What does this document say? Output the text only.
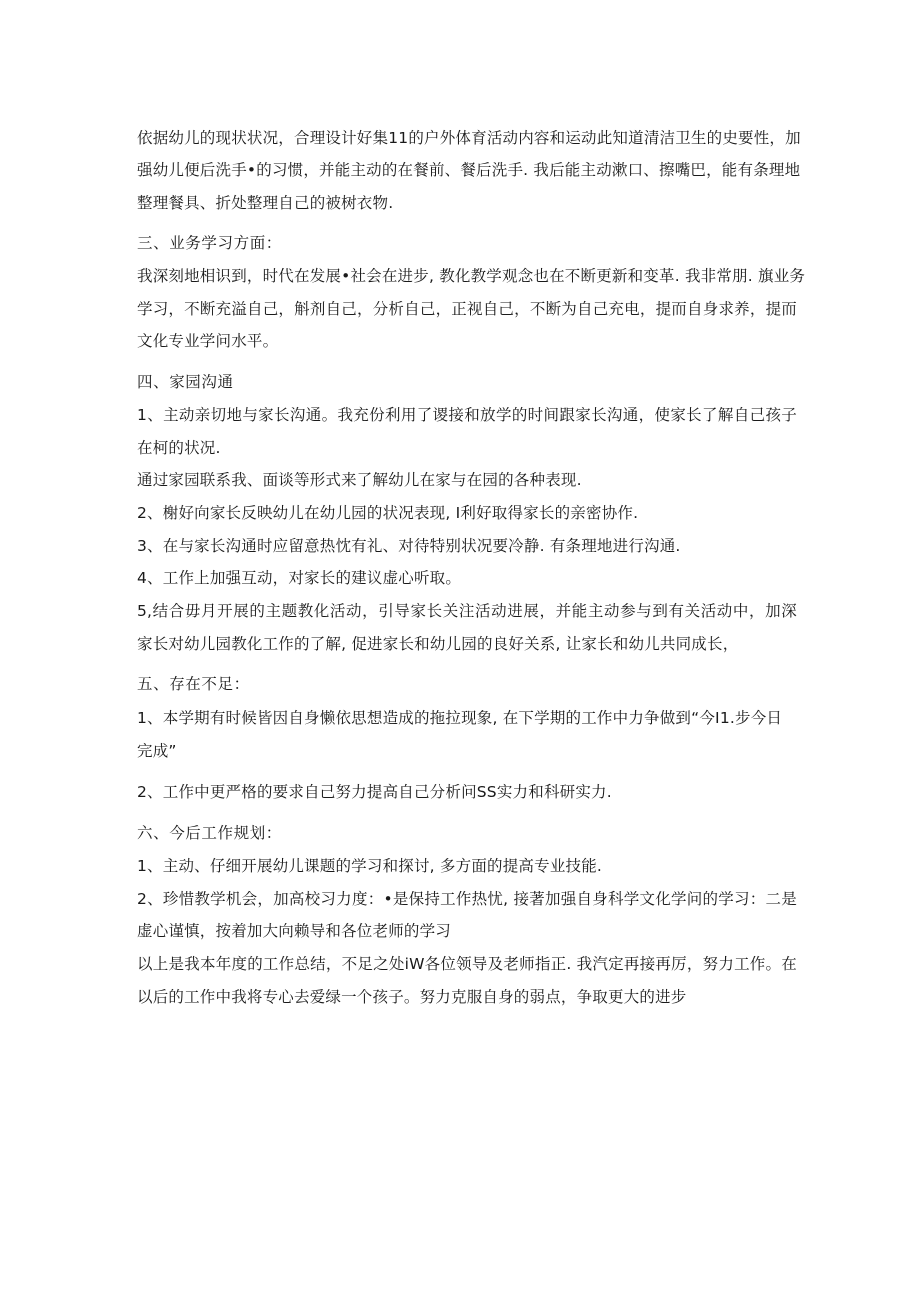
依据幼儿的现状状况，合理设计好集11的户外体育活动内容和运动此知道清洁卫生的史要性，加
强幼儿便后洗手•的习惯，并能主动的在餐前、餐后洗手. 我后能主动漱口、擦嘴巴，能有条理地
整理餐具、折处整理自己的被树衣物.
三、业务学习方面：
我深刻地相识到，时代在发展•社会在进步, 教化教学观念也在不断更新和变革. 我非常朋. 旗业务
学习，不断充溢自己，斛剂自己，分析自己，正视自己，不断为自己充电，提而自身求养，提而
文化专业学问水平。
四、家园沟通
1、主动亲切地与家长沟通。我充份利用了谡接和放学的时间跟家长沟通，使家长了解自己孩子
在柯的状况.
通过家园联系我、面谈等形式来了解幼儿在家与在园的各种表现.
2、榭好向家长反映幼儿在幼儿园的状况表现, I利好取得家长的亲密协作.
3、在与家长沟通时应留意热忱有礼、对待特别状况要冷静. 有条理地进行沟通.
4、工作上加强互动，对家长的建议虚心听取。
5,结合毋月开展的主题教化活动，引导家长关注活动进展，并能主动参与到有关活动中，加深
家长对幼儿园教化工作的了解, 促进家长和幼儿园的良好关系, 让家长和幼儿共同成长，
五、存在不足：
1、本学期有时候皆因自身懒依思想造成的拖拉现象, 在下学期的工作中力争做到“今I1.步今日
完成”
2、工作中更严格的要求自己努力提高自己分析问SS实力和科研实力.
六、今后工作规划：
1、主动、仔细开展幼儿课题的学习和探讨, 多方面的提高专业技能.
2、珍惜教学机会，加高校习力度：•是保持工作热忧, 接著加强自身科学文化学问的学习：二是
虚心谨慎，按着加大向赖导和各位老师的学习
以上是我本年度的工作总结，不足之处iW各位领导及老师指正. 我汽定再接再厉，努力工作。在
以后的工作中我将专心去爱绿一个孩子。努力克服自身的弱点，争取更大的进步
